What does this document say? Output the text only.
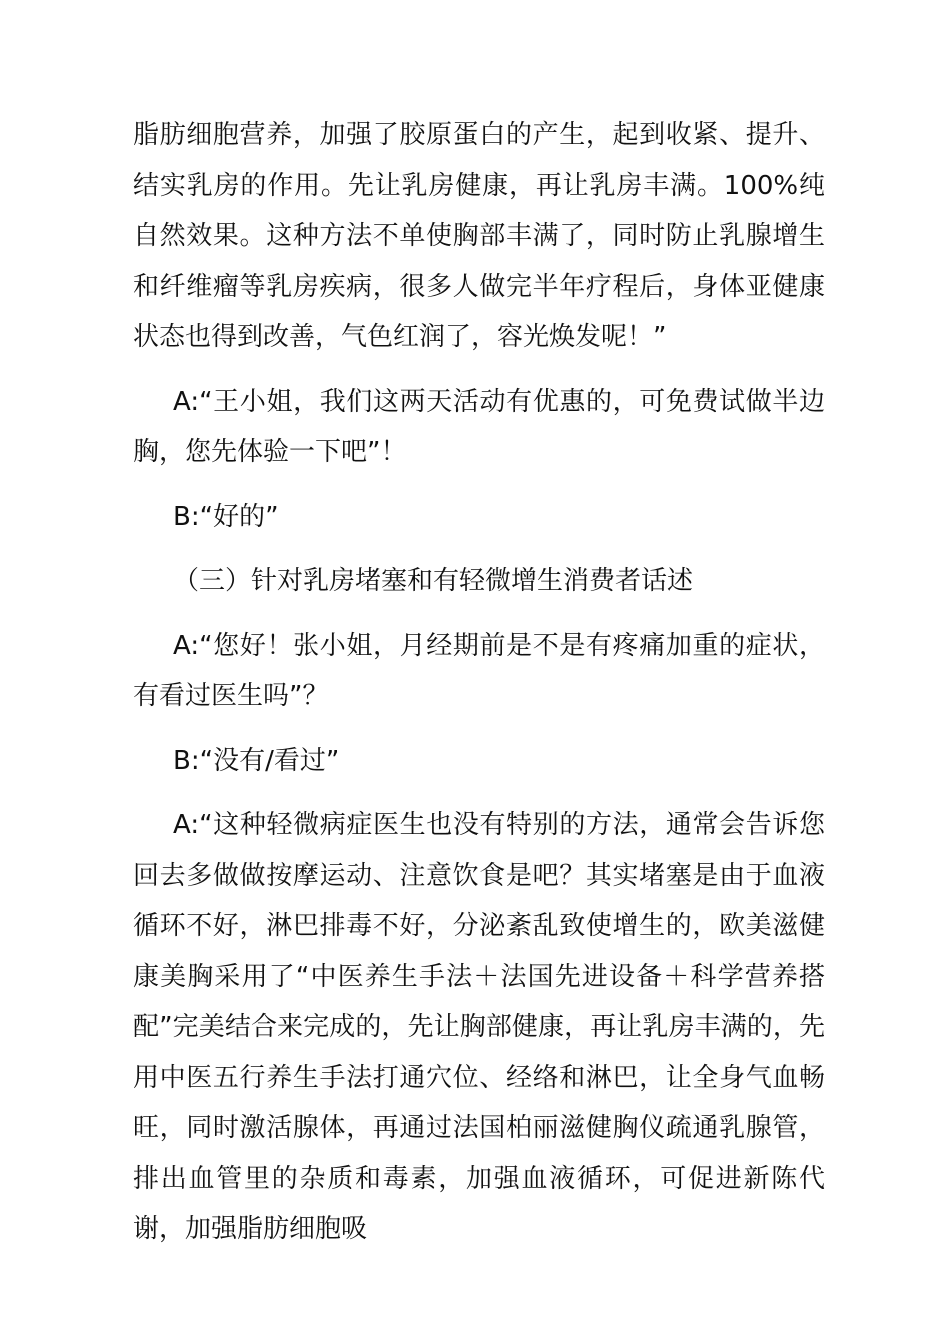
脂肪细胞营养，加强了胶原蛋白的产生，起到收紧、提升、结实乳房的作用。先让乳房健康，再让乳房丰满。100%纯自然效果。这种方法不单使胸部丰满了，同时防止乳腺增生和纤维瘤等乳房疾病，很多人做完半年疗程后，身体亚健康状态也得到改善，气色红润了，容光焕发呢！”

A:“王小姐，我们这两天活动有优惠的，可免费试做半边胸，您先体验一下吧”！

B:“好的”

（三）针对乳房堵塞和有轻微增生消费者话述

A:“您好！张小姐，月经期前是不是有疼痛加重的症状，有看过医生吗”？

B:“没有/看过”

A:“这种轻微病症医生也没有特别的方法，通常会告诉您回去多做做按摩运动、注意饮食是吧？其实堵塞是由于血液循环不好，淋巴排毒不好，分泌紊乱致使增生的，欧美滋健康美胸采用了“中医养生手法＋法国先进设备＋科学营养搭配”完美结合来完成的，先让胸部健康，再让乳房丰满的，先用中医五行养生手法打通穴位、经络和淋巴，让全身气血畅旺，同时激活腺体，再通过法国柏丽滋健胸仪疏通乳腺管，排出血管里的杂质和毒素，加强血液循环，可促进新陈代谢，加强脂肪细胞吸
